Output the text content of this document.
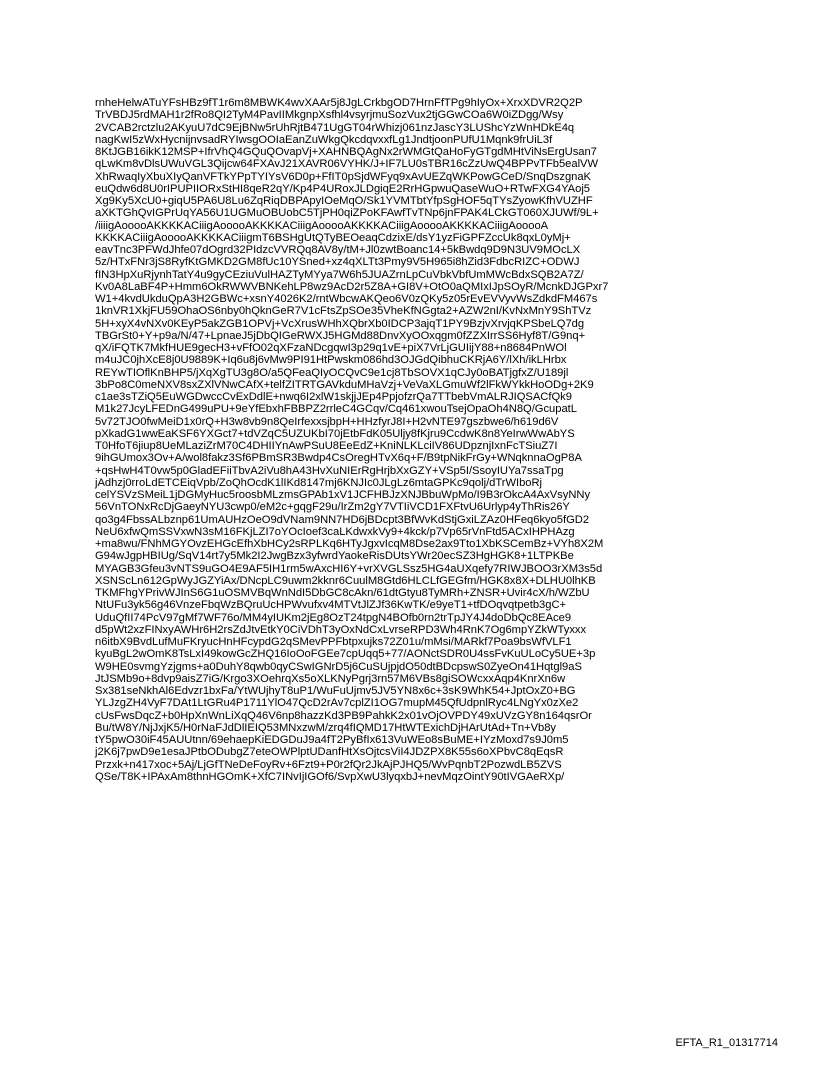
rnheHelwATuYFsHBz9fT1r6m8MBWK4wvXAAr5j8JgLCrkbgOD7HrnFfTPg9hIyOx+XrxXDVR2Q2P
TrVBDJ5rdMAH1r2fRo8QI2TyM4PavIIMkgnpXsfhl4vsyrjmuSozVux2tjGGwCOa6W0iZDgg/Wsy
2VCAB2rctzlu2AKyuU7dC9EjBNw5rUhRjtB471UgGT04rWhizj061nzJascY3LUShcYzWnHDkE4q
nagKwI5zWxHycnijnvsadRYIwsgOOIaEanZuWkgQkcdqvxxfLg1JndtjoonPUfU1Mqnk9frUiL3f
8KtJGB16ikK12MSP+IfrVhQ4GQuQOvapVj+XAHNBQAgNx2rWMGtQaHoFyGTgdMHtViNsErgUsan7
qLwKm8vDlsUWuVGL3Qijcw64FXAvJ21XAVR06VYHK/J+IF7LU0sTBR16cZzUwQ4BPPvTFb5ealVW
XhRwaqIyXbuXIyQanVFTkYPpTYIYsV6D0p+FfIT0pSjdWFyq9xAvUEZqWKPowGCeD/SnqDszgnaK
euQdw6d8U0rIPUPIIORxStHI8qeR2qY/Kp4P4URoxJLDgiqE2RrHGpwuQaseWuO+RTwFXG4YAoj5
Xg9Ky5XcU0+giqU5PA6U8Lu6ZqRiqDBPApyIOeMqO/Sk1YVMTbtYfpSgHOF5qTYsZyowKfhVUZHF
aXKTGhQvIGPrUqYA56U1UGMuOBUobC5TjPH0qiZPoKFAwfTvTNp6jnFPAK4LCkGT060XJUWf/9L+
/iiiigAooooAKKKKACiiigAooooAKKKKACiiigAooooAKKKKACiiigAooooAKKKKACiiigAooooA
KKKKACiiigAooooAKKKKACiiigmT6BSHgUtQTyBEOeaqCdzixE/dsY1yzFiGPFZccUk8qxL0yMj+
eavTnc3PFWdJhfe07dOgrd32PIdzcVVRQq8AV8y/tM+Jl0zwtBoanc14+5kBwdq9D9N3UV9MOcLX
5z/HTxFNr3jS8RyfKtGMKD2GM8fUc10YSned+xz4qXLTt3Pmy9V5H965i8hZid3FdbcRIZC+ODWJ
fIN3HpXuRjynhTatY4u9gyCEziuVulHAZTyMYya7W6h5JUAZrnLpCuVbkVbfUmMWcBdxSQB2A7Z/
Kv0A8LaBF4P+Hmm6OkRWWVBNKehLP8wz9AcD2r5Z8A+GI8V+OtO0aQMIxIJpSOyR/McnkDJGPxr7
W1+4kvdUkduQpA3H2GBWc+xsnY4026K2/rntWbcwAKQeo6V0zQKy5z05rEvEVVyvWsZdkdFM467s
1knVR1XkjFU59OhaOS6nby0hQknGeR7V1cFtsZpSOe35VheKfNGgta2+AZW2nI/KvNxMnY9ShTVz
5H+xyX4vNXv0KEyP5akZGB1OPVj+VcXrusWHhXQbrXb0IDCP3ajqT1PY9BzjvXrvjqKPSbeLQ7dg
TBGrSt0+Y+p9a/N/47+LpnaeJ5jDbQIGeRWXJ5HGMd88DnvXyOOxqgm0fZZXIrrSS6Hyf8T/G9nq+
qX/iFQTK7MkfHUE9gecH3+vFfO02qXFzaNDcgqwI3p29q1vE+piX7VrLjGUIijY88+n8684PnWOl
m4uJC0jhXcE8j0U9889K+Iq6u8j6vMw9PI91HtPwskm086hd3OJGdQibhuCKRjA6Y/lXh/ikLHrbx
REYwTIOflKnBHP5/jXqXgTU3g8O/a5QFeaQIyOCQvC9e1cj8TbSOVX1qCJy0oBATjgfxZ/U189jl
3bPo8C0meNXV8sxZXlVNwCAfX+telfZITRTGAVkduMHaVzj+VeVaXLGmuWf2lFkWYkkHoODg+2K9
c1ae3sTZiQ5EuWGDwccCvExDdlE+nwq6I2xlW1skjjJEp4PpjofzrQa7TTbebVmALRJIQSACfQk9
M1k27JcyLFEDnG499uPU+9eYfEbxhFBBPZ2rrleC4GCqv/Cq461xwouTsejOpaOh4N8Q/GcupatL
5v72TJO0fwMeiD1x0rQ+H3w8vb9n8QeIrfexxsjbpH+HHzfyrJ8I+H2vNTE97gszbwe6/h619d6V
pXkadG1wwEaKSF6YXGct7+tdVZqC5UZUKbI70jEtbFdK05Uljy8fKjru9CcdwK8n8YeIrwWwAbYS
T0HfoT6jiup8UeMLaziZrM70C4DHIIYnAwPSuU8EeEdZ+KniNLKLciIV86UDpznjIxnFcTSiuZ7I
9ihGUmox3Ov+A/wol8fakz3Sf6PBmSR3Bwdp4CsOregHTvX6q+F/B9tpNikFrGy+WNqknnaOgP8A
+qsHwH4T0vw5p0GladEFiiTbvA2iVu8hA43HvXuNIErRgHrjbXxGZY+VSp5I/SsoyIUYa7ssaTpg
jAdhzj0rroLdETCEiqVpb/ZoQhOcdK1lIKd8147mj6KNJIc0JLgLz6mtaGPKc9qolj/dTrWIboRj
celYSVzSMeiL1jDGMyHuc5roosbMLzmsGPAb1xV1JCFHBJzXNJBbuWpMo/I9B3rOkcA4AxVsyNNy
56VnTONxRcDjGaeyNYU3cwp0/eM2c+gqgF29u/IrZm2gY7VTIiVCD1FXFtvU6Urlyp4yThRis26Y
qo3g4FbssALbznp61UmAUHzOeO9dVNam9NN7HD6jBDcpt3BfWvKdStjGxiLZAz0HFeq6kyo5fGD2
NeU6xfwQmSSVxwN3sM16FKjLZI7oYOcIoef3caLKdwxkVy9+4kck/p7Vp65rVnFtd5ACxIHPHAzg
+ma8wu/FNhMGYOvzEHGcEfhXbHCy2sRPLKq6HTyJgxvIcqM8Dse2ax9Tto1XbKSCemBz+VYh8X2M
G94wJgpHBIUg/SqV14rt7y5Mk2I2JwgBzx3yfwrdYaokeRisDUtsYWr20ecSZ3HgHGK8+1LTPKBe
MYAGB3Gfeu3vNTS9uGO4E9AF5IH1rm5wAxcHI6Y+vrXVGLSsz5HG4aUXqefy7RIWJBOO3rXM3s5d
XSNScLn612GpWyJGZYiAx/DNcpLC9uwm2kknr6CuulM8Gtd6HLCLfGEGfm/HGK8x8X+DLHU0lhKB
TKMFhgYPrivWJInS6G1uOSMVBqWnNdI5DbGC8cAkn/61dtGtyu8TyMRh+ZNSR+Uvir4cX/h/WZbU
NtUFu3yk56g46VnzeFbqWzBQruUcHPWvufxv4MTVtJlZJf36KwTK/e9yeT1+tfDOqvqtpetb3gC+
UduQfII74PcV97gMf7WF76o/MM4yIUKm2jEg8OzT24tpgN4BOfb0rn2trTpJY4J4doDbQc8EAce9
d5pWt2xzFINxyAWHr6H2rsZdJtvEtkY0CiVDhT3yOxNdCxLvrseRPD3Wh4RnK7Og6mpYZkWTyxxx
n6itbX9BvdLufMuFKryucHnHFcypdG2qSMevPPFbtpxujks72Z01u/mMsi/MARkf7Poa9bsWfVLF1
kyuBgL2wOmK8TsLxI49kowGcZHQ16IoOoFGEe7cpUqq5+77/AONctSDR0U4ssFvKuULoCy5UE+3p
W9HE0svmgYzjgms+a0DuhY8qwb0qyCSwIGNrD5j6CuSUjpjdO50dtBDcpswS0ZyeOn41Hqtgl9aS
JtJSMb9o+8dvp9aisZ7iG/Krgo3XOehrqXs5oXLKNyPgrj3rn57M6VBs8giSOWcxxAqp4KnrXn6w
Sx381seNkhAl6Edvzr1bxFa/YtWUjhyT8uP1/WuFuUjmv5JV5YN8x6c+3sK9WhK54+JptOxZ0+BG
YLJzgZH4VyF7DAt1LtGRu4P1711YlO47QcD2rAv7cplZI1OG7mupM45QfUdpnlRyc4LNgYx0zXe2
cUsFwsDqcZ+b0HpXnWnLiXqQ46V6np8hazzKd3PB9PahkK2x01vOjOVPDY49xUVzGY8n164qsrOr
Bu/tW8Y/NjJxjK5/H0rNaFJdDlIEIQ53MNxzwM/zrq4fIQMD17HtWTExichDjHArUtAd+Tn+Vb8y
tY5pwO30iF45AUUtnn/69ehaepKiEDGDuJ9a4fT2PyBfIx613VuWEo8sBuME+IYzMoxd7s9J0m5
j2K6j7pwD9e1esaJPtbODubgZ7eteOWPlptUDanfHtXsOjtcsViI4JDZPX8K55s6oXPbvC8qEqsR
Przxk+n417xoc+5Aj/LjGfTNeDeFoyRv+6Fzt9+P0r2fQr2JkAjPJHQ5/WvPqnbT2PozwdLB5ZVS
QSe/T8K+IPAxAm8thnHGOmK+XfC7INvIjIGOf6/SvpXwU3lyqxbJ+nevMqzOintY90tIVGAeRXp/
EFTA_R1_01317714
